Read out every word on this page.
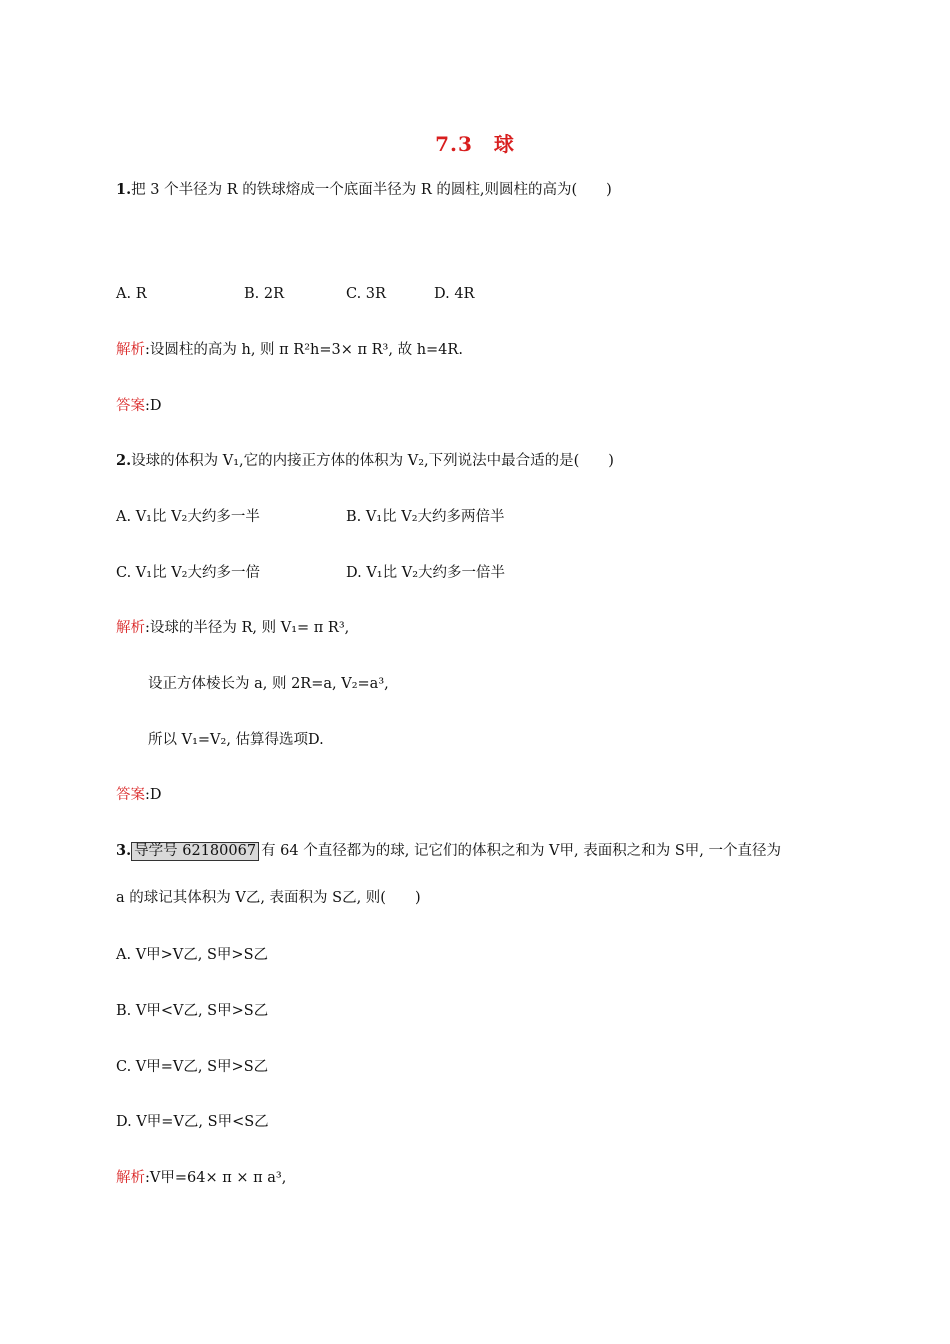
7.3　球
1.把 3 个半径为 R 的铁球熔成一个底面半径为 R 的圆柱,则圆柱的高为(　　)
A. R	B. 2R	C. 3R	D. 4R
解析:设圆柱的高为 h, 则 π R²h=3× π R³, 故 h=4R.
答案:D
2.设球的体积为 V₁,它的内接正方体的体积为 V₂,下列说法中最合适的是(　　)
A. V₁比 V₂大约多一半	B. V₁比 V₂大约多两倍半
C. V₁比 V₂大约多一倍	D. V₁比 V₂大约多一倍半
解析:设球的半径为 R, 则 V₁= π R³,
设正方体棱长为 a, 则 2R=a, V₂=a³,
所以 V₁=V₂, 估算得选项D.
答案:D
3. 导学号 62180067 有 64 个直径都为的球, 记它们的体积之和为 V甲, 表面积之和为 S甲, 一个直径为
a 的球记其体积为 V乙, 表面积为 S乙, 则(　　)
A. V甲>V乙, S甲>S乙
B. V甲<V乙, S甲>S乙
C. V甲=V乙, S甲>S乙
D. V甲=V乙, S甲<S乙
解析:V甲=64× π × π a³,
